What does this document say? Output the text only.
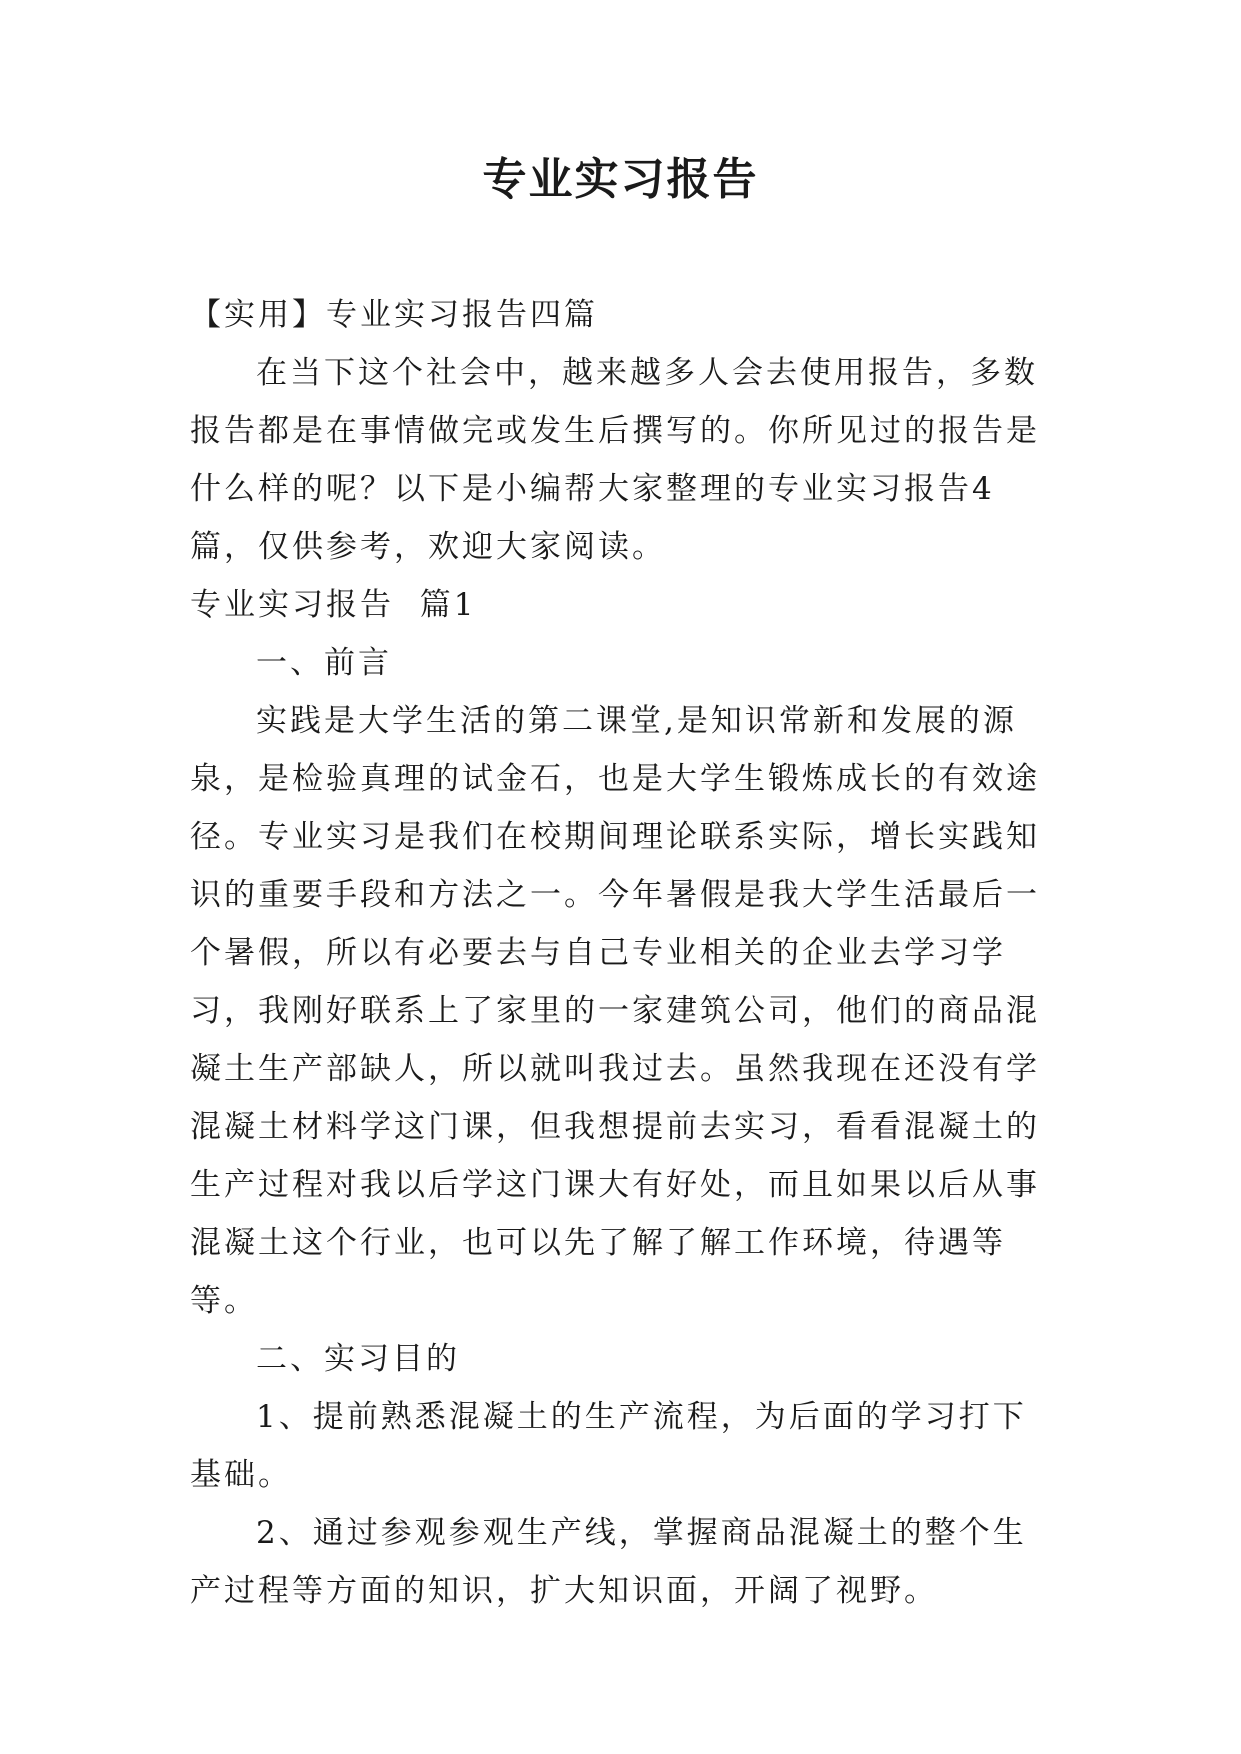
专业实习报告

【实用】专业实习报告四篇

在当下这个社会中，越来越多人会去使用报告，多数报告都是在事情做完或发生后撰写的。你所见过的报告是什么样的呢？以下是小编帮大家整理的专业实习报告4篇，仅供参考，欢迎大家阅读。

专业实习报告  篇1

一、前言

实践是大学生活的第二课堂,是知识常新和发展的源泉，是检验真理的试金石，也是大学生锻炼成长的有效途径。专业实习是我们在校期间理论联系实际，增长实践知识的重要手段和方法之一。今年暑假是我大学生活最后一个暑假，所以有必要去与自己专业相关的企业去学习学习，我刚好联系上了家里的一家建筑公司，他们的商品混凝土生产部缺人，所以就叫我过去。虽然我现在还没有学混凝土材料学这门课，但我想提前去实习，看看混凝土的生产过程对我以后学这门课大有好处，而且如果以后从事混凝土这个行业，也可以先了解了解工作环境，待遇等等。

二、实习目的

1、提前熟悉混凝土的生产流程，为后面的学习打下基础。

2、通过参观参观生产线，掌握商品混凝土的整个生产过程等方面的知识，扩大知识面，开阔了视野。
